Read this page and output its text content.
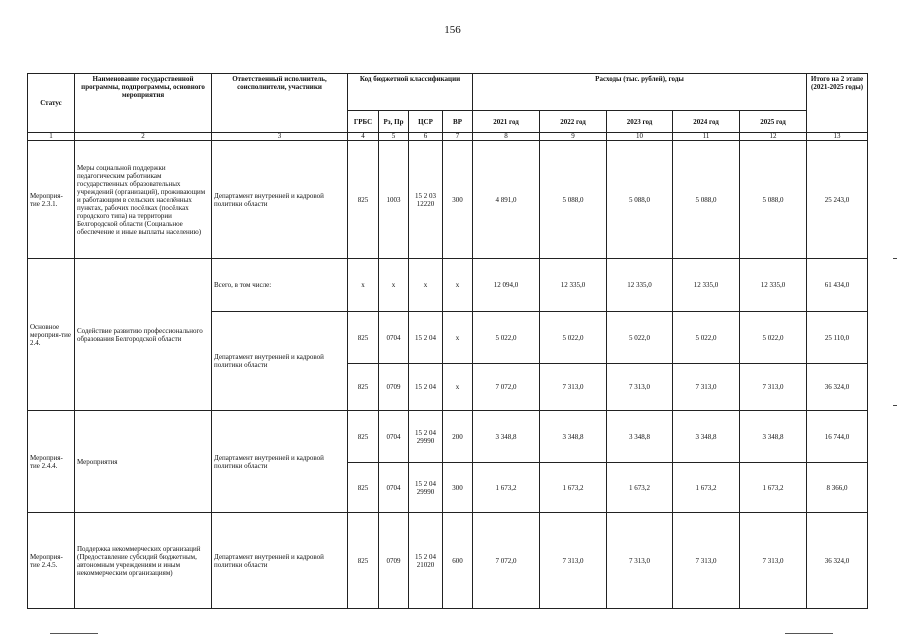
156
Статус	Наименование государственной программы, подпрограммы, основного мероприятия	Ответственный исполнитель, соисполнители, участники	Код бюджетной классификации				Расходы (тыс. рублей), годы					Итого на 2 этапе (2021-2025 годы)
			ГРБС	Рз, Пр	ЦСР	ВР	2021 год	2022 год	2023 год	2024 год	2025 год	
1	2	3	4	5	6	7	8	9	10	11	12	13
Мероприя-тие 2.3.1.	Меры социальной поддержки педагогическим работникам государственных образовательных учреждений (организаций), проживающим и работающим в сельских населённых пунктах, рабочих посёлках (посёлках городского типа) на территории Белгородской области (Социальное обеспечение и иные выплаты населению)	Департамент внутренней и кадровой политики области	825	1003	15 2 03 12220	300	4 891,0	5 088,0	5 088,0	5 088,0	5 088,0	25 243,0
Основное мероприя-тие 2.4.	Содействие развитию профессионального образования Белгородской области	Всего, в том числе:	х	х	х	х	12 094,0	12 335,0	12 335,0	12 335,0	12 335,0	61 434,0
		Департамент внутренней и кадровой политики области	825	0704	15 2 04	х	5 022,0	5 022,0	5 022,0	5 022,0	5 022,0	25 110,0
			825	0709	15 2 04	х	7 072,0	7 313,0	7 313,0	7 313,0	7 313,0	36 324,0
Мероприя-тие 2.4.4.	Мероприятия	Департамент внутренней и кадровой политики области	825	0704	15 2 04 29990	200	3 348,8	3 348,8	3 348,8	3 348,8	3 348,8	16 744,0
			825	0704	15 2 04 29990	300	1 673,2	1 673,2	1 673,2	1 673,2	1 673,2	8 366,0
Мероприя-тие 2.4.5.	Поддержка некоммерческих организаций (Предоставление субсидий бюджетным, автономным учреждениям и иным некоммерческим организациям)	Департамент внутренней и кадровой политики области	825	0709	15 2 04 21020	600	7 072,0	7 313,0	7 313,0	7 313,0	7 313,0	36 324,0
